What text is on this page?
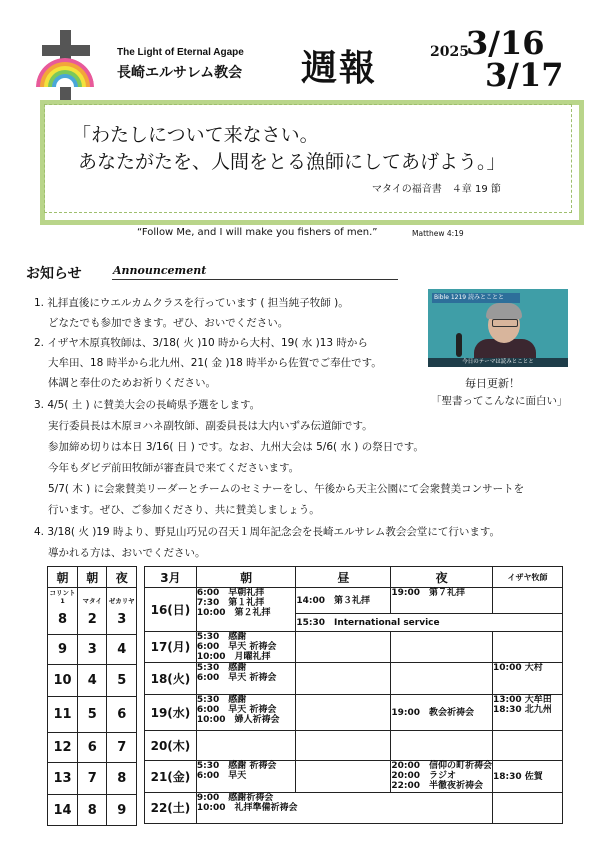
The Light of Eternal Agape
長崎エルサレム教会 週報	2025
3/16
3/17
「わたしについて来なさい。
あなたがたを、人間をとる漁師にしてあげよう。」
マタイの福音書　４章 19 節
“Follow Me, and I will make you fishers of men.”	Matthew 4:19
お知らせ	Announcement
1. 礼拝直後にウエルカムクラスを行っています ( 担当純子牧師 )。
どなたでも参加できます。ぜひ、おいでください。
2. イザヤ木原真牧師は、3/18( 火 )10 時から大村、19( 水 )13 時から
大牟田、18 時半から北九州、21( 金 )18 時半から佐賀でご奉仕です。
体調と奉仕のためお祈りください。
3. 4/5( 土 ) に賛美大会の長崎県予選をします。
実行委員長は木原ヨハネ副牧師、副委員長は大内いずみ伝道師です。
参加締め切りは本日 3/16( 日 ) です。なお、九州大会は 5/6( 水 ) の祭日です。
今年もダビデ前田牧師が審査員で来てくださいます。
5/7( 木 ) に会衆賛美リーダーとチームのセミナーをし、午後から天主公園にて会衆賛美コンサートを
行います。ぜひ、ご参加くださり、共に賛美しましょう。
4. 3/18( 火 )19 時より、野見山巧兄の召天１周年記念会を長崎エルサレム教会会堂にて行います。
導かれる方は、おいでください。
Bible 1219 読みとことと
今日のテーマは読みとことと
毎日更新！
「聖書ってこんなに面白い」
朝	朝	夜
コリント1	マタイ	ゼカリヤ
8	2	3
9	3	4
10	4	5
11	5	6
12	6	7
13	7	8
14	8	9
3月	朝	昼	夜	イザヤ牧師
16(日)	6:00　早朝礼拝
7:30　第１礼拝
10:00　第２礼拝	14:00　第３礼拝	19:00　第７礼拝	

		15:30　International service		

17(月)	5:30　感謝
6:00　早天 祈祷会
10:00　月曜礼拝			

18(火)	5:30　感謝
6:00　早天 祈祷会			10:00 大村

19(水)	5:30　感謝
6:00　早天 祈祷会
10:00　婦人祈祷会		19:00　教会祈祷会	13:00 大牟田
18:30 北九州

20(木)				
21(金)	5:30　感謝 祈祷会
6:00　早天		20:00　信仰の町祈祷会
20:00　ラジオ
22:00　半徹夜祈祷会	18:30 佐賀

22(土)	9:00　感謝祈祷会
10:00　礼拝準備祈祷会			
